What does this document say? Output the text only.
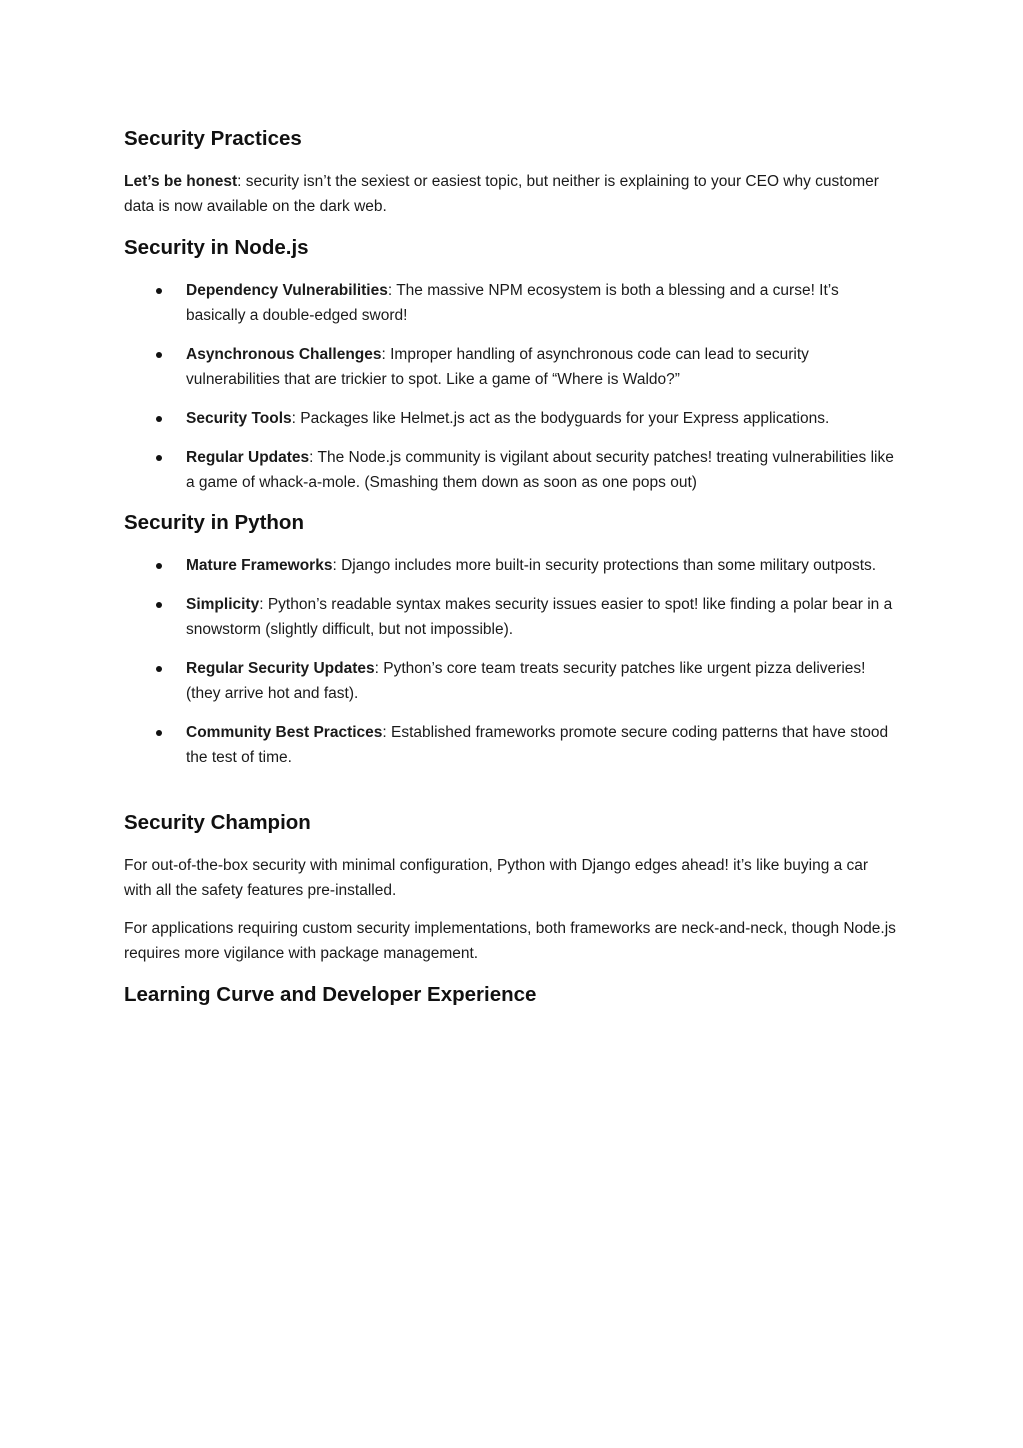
Security Practices

Let’s be honest: security isn’t the sexiest or easiest topic, but neither is explaining to your CEO why customer data is now available on the dark web.

Security in Node.js
Dependency Vulnerabilities: The massive NPM ecosystem is both a blessing and a curse! It’s basically a double-edged sword!
Asynchronous Challenges: Improper handling of asynchronous code can lead to security vulnerabilities that are trickier to spot. Like a game of “Where is Waldo?”
Security Tools: Packages like Helmet.js act as the bodyguards for your Express applications.
Regular Updates: The Node.js community is vigilant about security patches! treating vulnerabilities like a game of whack-a-mole. (Smashing them down as soon as one pops out)
Security in Python
Mature Frameworks: Django includes more built-in security protections than some military outposts.
Simplicity: Python’s readable syntax makes security issues easier to spot! like finding a polar bear in a snowstorm (slightly difficult, but not impossible).
Regular Security Updates: Python’s core team treats security patches like urgent pizza deliveries! (they arrive hot and fast).
Community Best Practices: Established frameworks promote secure coding patterns that have stood the test of time.
Security Champion

For out-of-the-box security with minimal configuration, Python with Django edges ahead! it’s like buying a car with all the safety features pre-installed.

For applications requiring custom security implementations, both frameworks are neck-and-neck, though Node.js requires more vigilance with package management.

Learning Curve and Developer Experience
